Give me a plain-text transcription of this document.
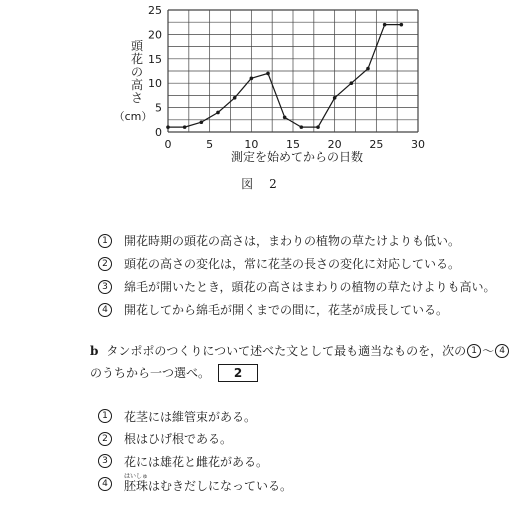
0	5	10	15	20	25	30
0
5
10
15
20
25
頭
花
の
高
さ
（cm）
測定を始めてからの日数
図　2
1	開花時期の頭花の高さは，まわりの植物の草たけよりも低い。
2	頭花の高さの変化は，常に花茎の長さの変化に対応している。
3	綿毛が開いたとき，頭花の高さはまわりの植物の草たけよりも高い。
4	開花してから綿毛が開くまでの間に，花茎が成長している。
b タンポポのつくりについて述べた文として最も適当なものを，次の 1 ～ 4
のうちから一つ選べ。	2
1	花茎には維管束がある。
2	根はひげ根である。
3	花には雄花と雌花がある。
4	胚珠はいしゅはむきだしになっている。
